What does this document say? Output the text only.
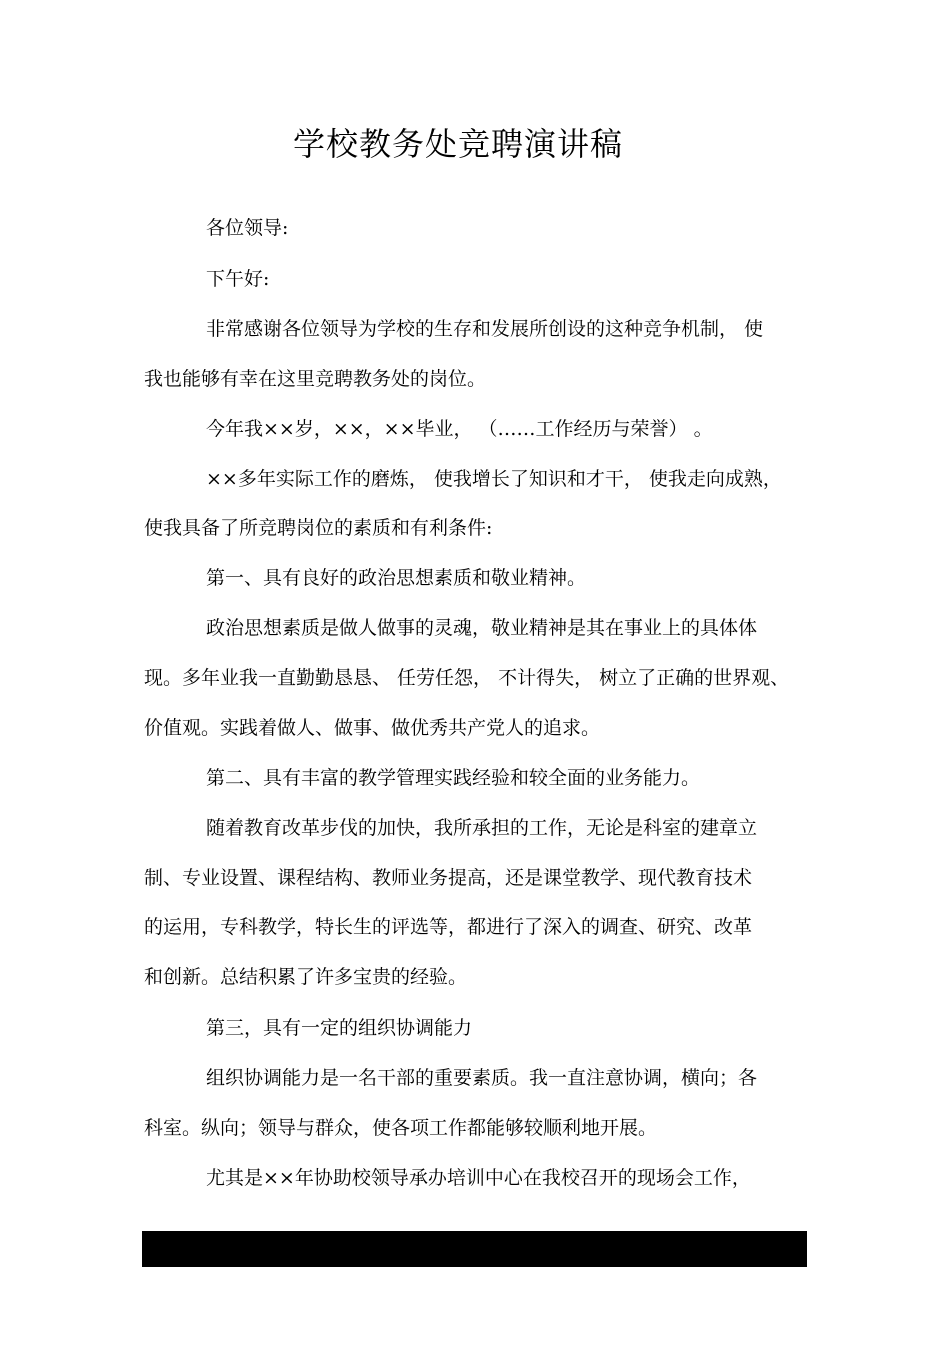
学校教务处竞聘演讲稿
各位领导:
下午好:
非常感谢各位领导为学校的生存和发展所创设的这种竞争机制， 使
我也能够有幸在这里竞聘教务处的岗位。
今年我××岁，××，××毕业， （……工作经历与荣誉） 。
××多年实际工作的磨炼， 使我增长了知识和才干， 使我走向成熟，
使我具备了所竞聘岗位的素质和有利条件:
第一、具有良好的政治思想素质和敬业精神。
政治思想素质是做人做事的灵魂，敬业精神是其在事业上的具体体
现。多年业我一直勤勤恳恳、 任劳任怨， 不计得失， 树立了正确的世界观、
价值观。实践着做人、做事、做优秀共产党人的追求。
第二、具有丰富的教学管理实践经验和较全面的业务能力。
随着教育改革步伐的加快，我所承担的工作，无论是科室的建章立
制、专业设置、课程结构、教师业务提高，还是课堂教学、现代教育技术
的运用，专科教学，特长生的评选等，都进行了深入的调查、研究、改革
和创新。总结积累了许多宝贵的经验。
第三，具有一定的组织协调能力
组织协调能力是一名干部的重要素质。我一直注意协调，横向；各
科室。纵向；领导与群众，使各项工作都能够较顺利地开展。
尤其是××年协助校领导承办培训中心在我校召开的现场会工作，
